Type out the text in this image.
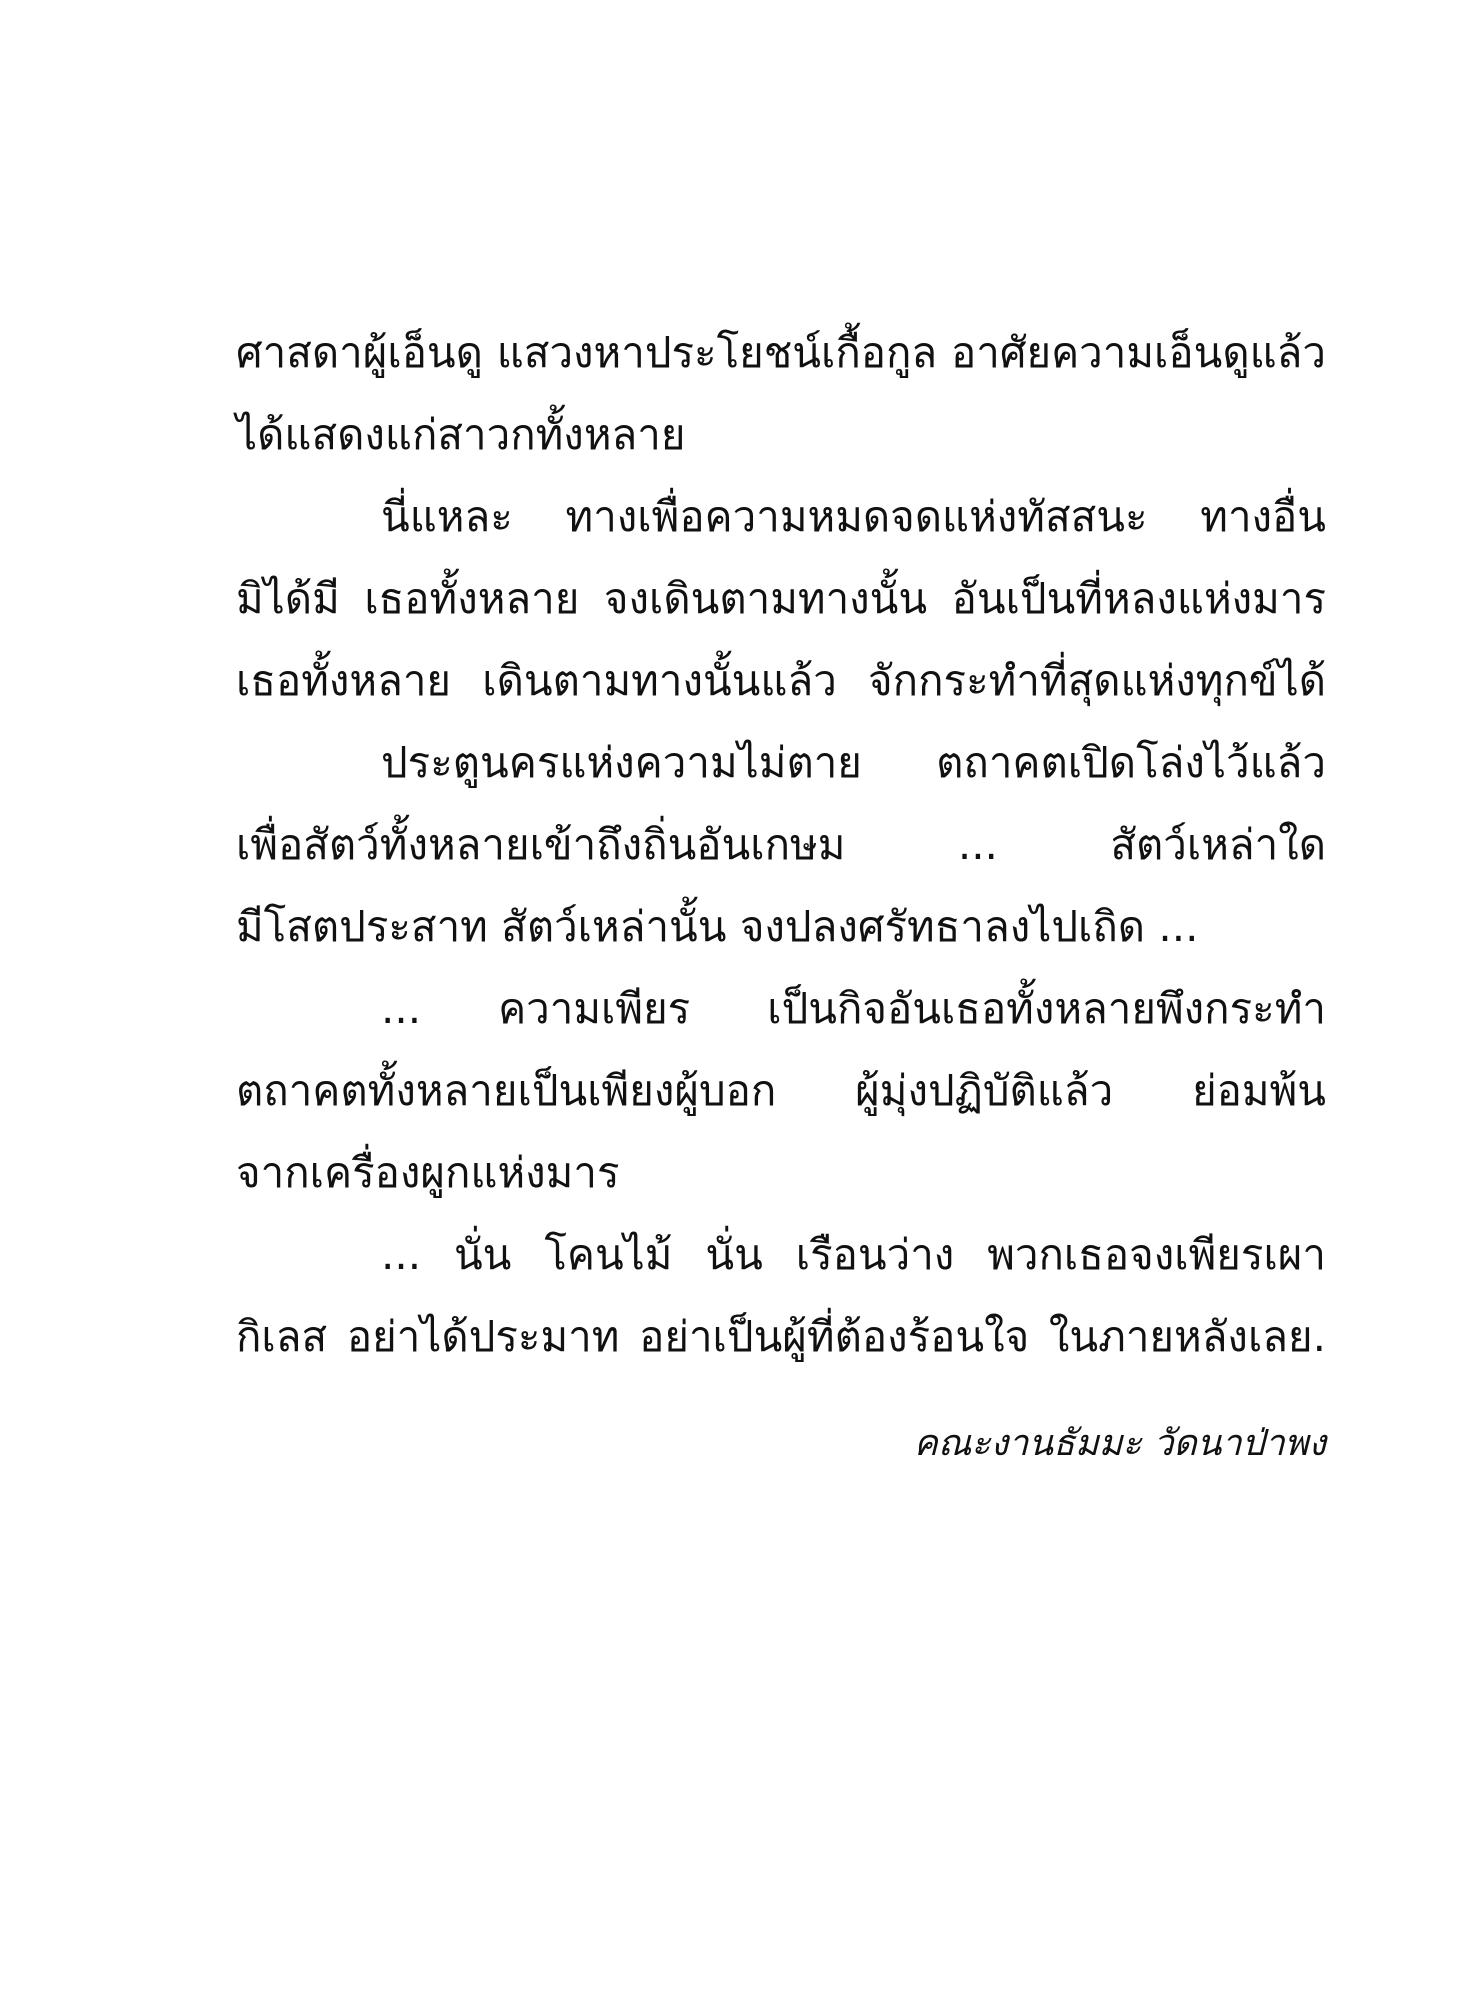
ศาสดาผู้เอ็นดู แสวงหาประโยชน์เกื้อกูล อาศัยความเอ็นดูแล้ว
ได้แสดงแก่สาวกทั้งหลาย
นี่แหละ ทางเพื่อความหมดจดแห่งทัสสนะ ทางอื่น
มิได้มี เธอทั้งหลาย จงเดินตามทางนั้น อันเป็นที่หลงแห่งมาร
เธอทั้งหลาย เดินตามทางนั้นแล้ว จักกระทำที่สุดแห่งทุกข์ได้
ประตูนครแห่งความไม่ตาย ตถาคตเปิดโล่งไว้แล้ว
เพื่อสัตว์ทั้งหลายเข้าถึงถิ่นอันเกษม ... สัตว์เหล่าใด
มีโสตประสาท สัตว์เหล่านั้น จงปลงศรัทธาลงไปเถิด ...
... ความเพียร เป็นกิจอันเธอทั้งหลายพึงกระทำ
ตถาคตทั้งหลายเป็นเพียงผู้บอก ผู้มุ่งปฏิบัติแล้ว ย่อมพ้น
จากเครื่องผูกแห่งมาร
... นั่น โคนไม้ นั่น เรือนว่าง พวกเธอจงเพียรเผา
กิเลส อย่าได้ประมาท อย่าเป็นผู้ที่ต้องร้อนใจ ในภายหลังเลย.
คณะงานธัมมะ วัดนาป่าพง
